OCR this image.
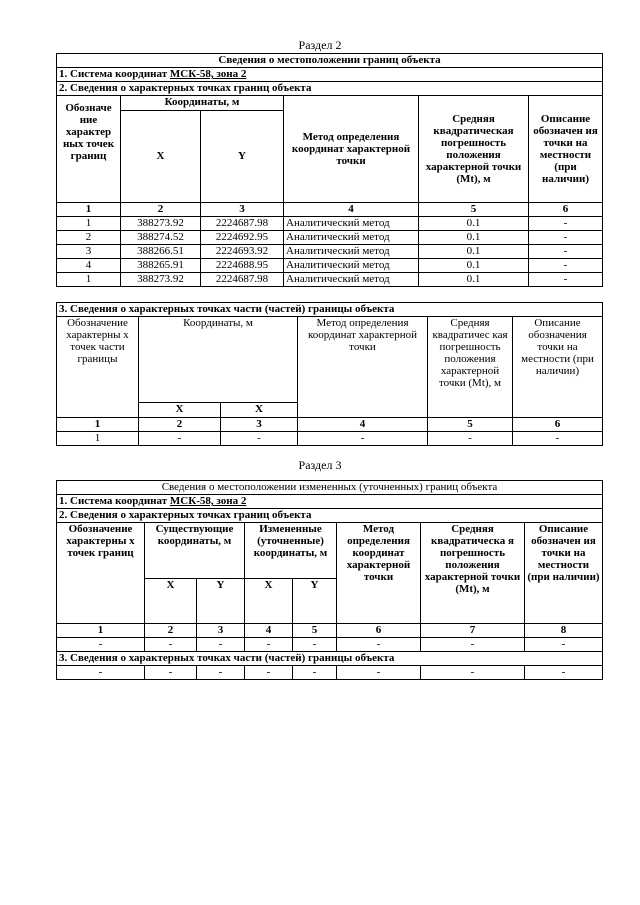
Раздел 2
Сведения о местоположении границ объекта					
1. Система координат МСК-58, зона 2					
2. Сведения о характерных точках границ объекта					
Обозначе ние характер ных точек границ	Координаты, м		Метод определения координат характерной точки	Средняя квадратическая погрешность положения характерной точки (Mt), м	Описание обозначен ия точки на местности (при наличии)
	X	Y			
1	2	3	4	5	6
1	388273.92	2224687.98	Аналитический метод	0.1	-
2	388274.52	2224692.95	Аналитический метод	0.1	-
3	388266.51	2224693.92	Аналитический метод	0.1	-
4	388265.91	2224688.95	Аналитический метод	0.1	-
1	388273.92	2224687.98	Аналитический метод	0.1	-
3. Сведения о характерных точках части (частей) границы объекта					
Обозначение характерны х точек части границы	Координаты, м		Метод определения координат характерной точки	Средняя квадратичес кая погрешность положения характерной точки (Mt), м	Описание обозначения точки на местности (при наличии)
	X	X			
1	2	3	4	5	6
1	-	-	-	-	-
Раздел 3
Сведения о местоположении измененных (уточненных) границ объекта							
1. Система координат МСК-58, зона 2							
2. Сведения о характерных точках границ объекта							
Обозначение характерны х точек границ	Существующие координаты, м		Измененные (уточненные) координаты, м		Метод определения координат характерной точки	Средняя квадратическа я погрешность положения характерной точки (Mt), м	Описание обозначен ия точки на местности (при наличии)
	X	Y	X	Y			
1	2	3	4	5	6	7	8
-	-	-	-	-	-	-	-
3. Сведения о характерных точках части (частей) границы объекта							
-	-	-	-	-	-	-	-
